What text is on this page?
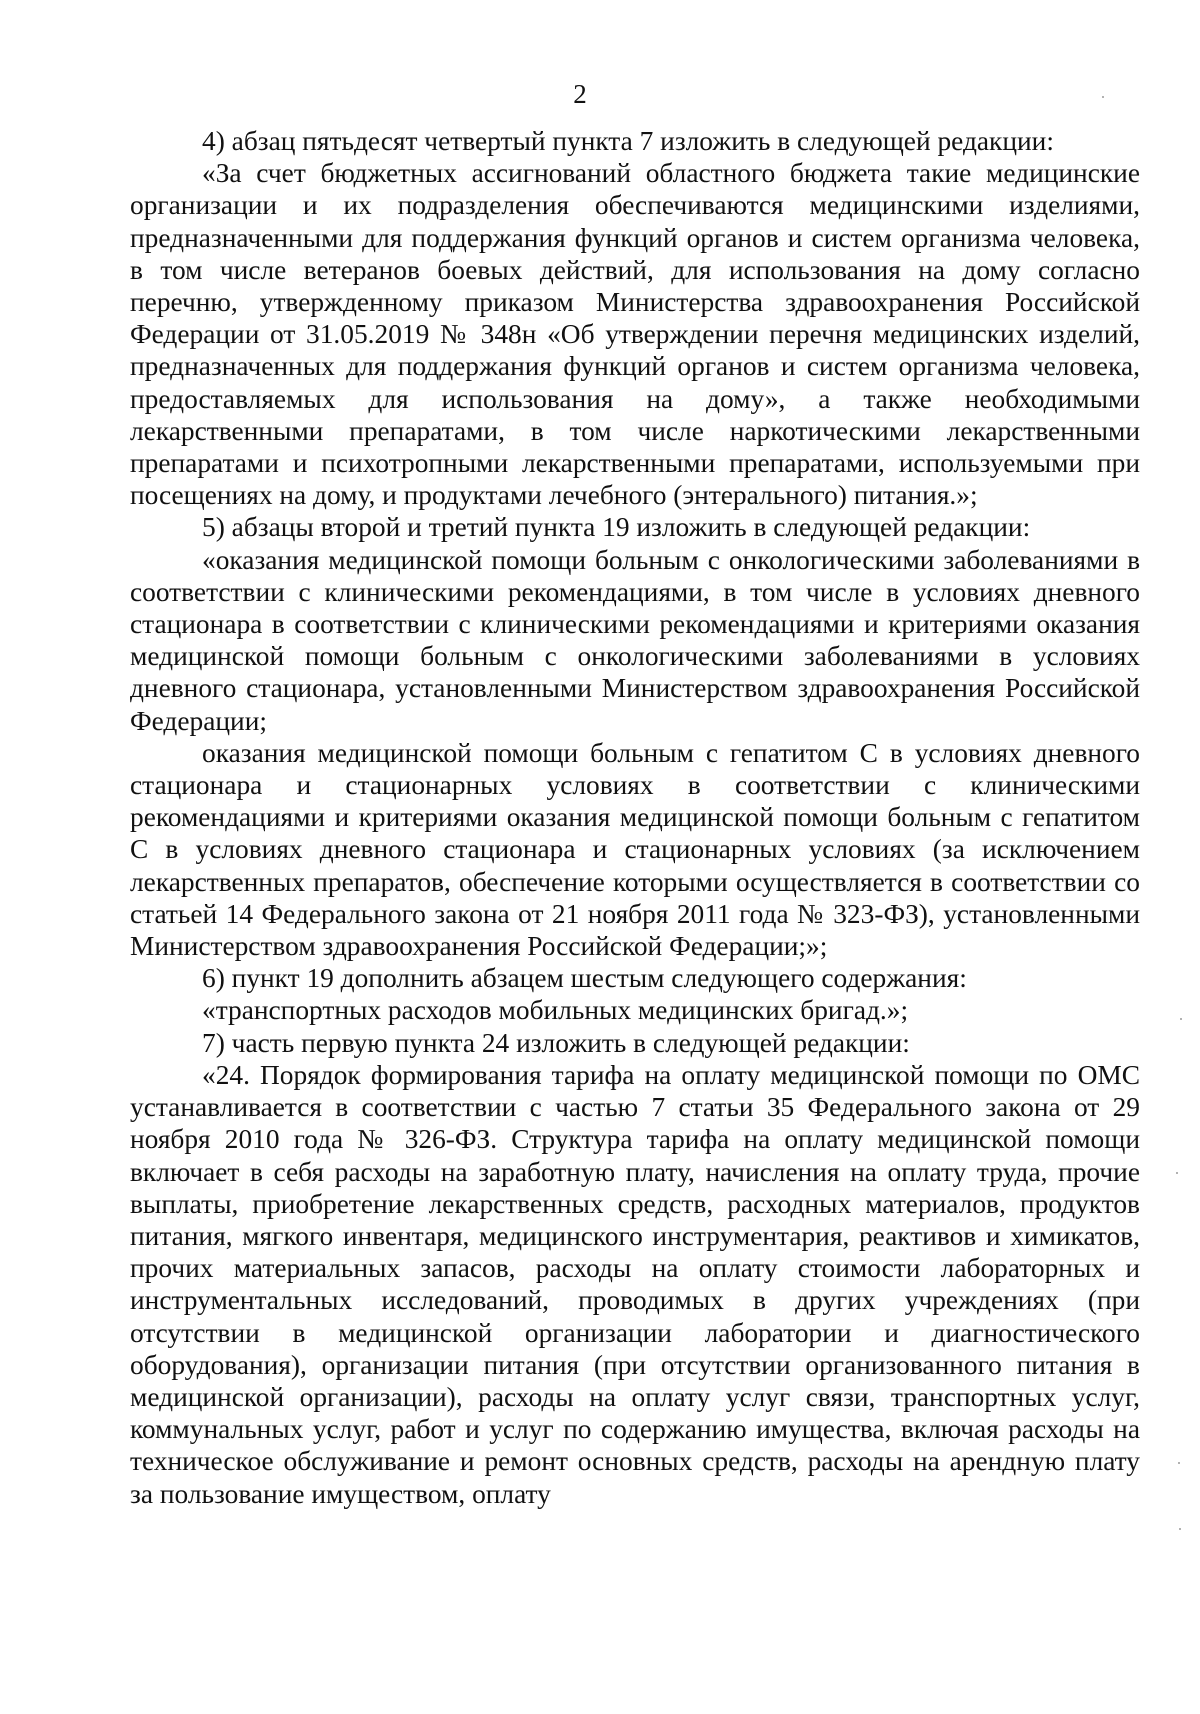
2

4) абзац пятьдесят четвертый пункта 7 изложить в следующей редакции:

«За счет бюджетных ассигнований областного бюджета такие медицинские организации и их подразделения обеспечиваются медицинскими изделиями, предназначенными для поддержания функций органов и систем организма человека, в том числе ветеранов боевых действий, для использования на дому согласно перечню, утвержденному приказом Министерства здравоохранения Российской Федерации от 31.05.2019 № 348н «Об утверждении перечня медицинских изделий, предназначенных для поддержания функций органов и систем организма человека, предоставляемых для использования на дому», а также необходимыми лекарственными препаратами, в том числе наркотическими лекарственными препаратами и психотропными лекарственными препаратами, используемыми при посещениях на дому, и продуктами лечебного (энтерального) питания.»;

5) абзацы второй и третий пункта 19 изложить в следующей редакции:

«оказания медицинской помощи больным с онкологическими заболеваниями в соответствии с клиническими рекомендациями, в том числе в условиях дневного стационара в соответствии с клиническими рекомендациями и критериями оказания медицинской помощи больным с онкологическими заболеваниями в условиях дневного стационара, установленными Министерством здравоохранения Российской Федерации;

оказания медицинской помощи больным с гепатитом С в условиях дневного стационара и стационарных условиях в соответствии с клиническими рекомендациями и критериями оказания медицинской помощи больным с гепатитом С в условиях дневного стационара и стационарных условиях (за исключением лекарственных препаратов, обеспечение которыми осуществляется в соответствии со статьей 14 Федерального закона от 21 ноября 2011 года № 323-ФЗ), установленными Министерством здравоохранения Российской Федерации;»;

6) пункт 19 дополнить абзацем шестым следующего содержания:

«транспортных расходов мобильных медицинских бригад.»;

7) часть первую пункта 24 изложить в следующей редакции:

«24. Порядок формирования тарифа на оплату медицинской помощи по ОМС устанавливается в соответствии с частью 7 статьи 35 Федерального закона от 29 ноября 2010 года № 326-ФЗ. Структура тарифа на оплату медицинской помощи включает в себя расходы на заработную плату, начисления на оплату труда, прочие выплаты, приобретение лекарственных средств, расходных материалов, продуктов питания, мягкого инвентаря, медицинского инструментария, реактивов и химикатов, прочих материальных запасов, расходы на оплату стоимости лабораторных и инструментальных исследований, проводимых в других учреждениях (при отсутствии в медицинской организации лаборатории и диагностического оборудования), организации питания (при отсутствии организованного питания в медицинской организации), расходы на оплату услуг связи, транспортных услуг, коммунальных услуг, работ и услуг по содержанию имущества, включая расходы на техническое обслуживание и ремонт основных средств, расходы на арендную плату за пользование имуществом, оплату
